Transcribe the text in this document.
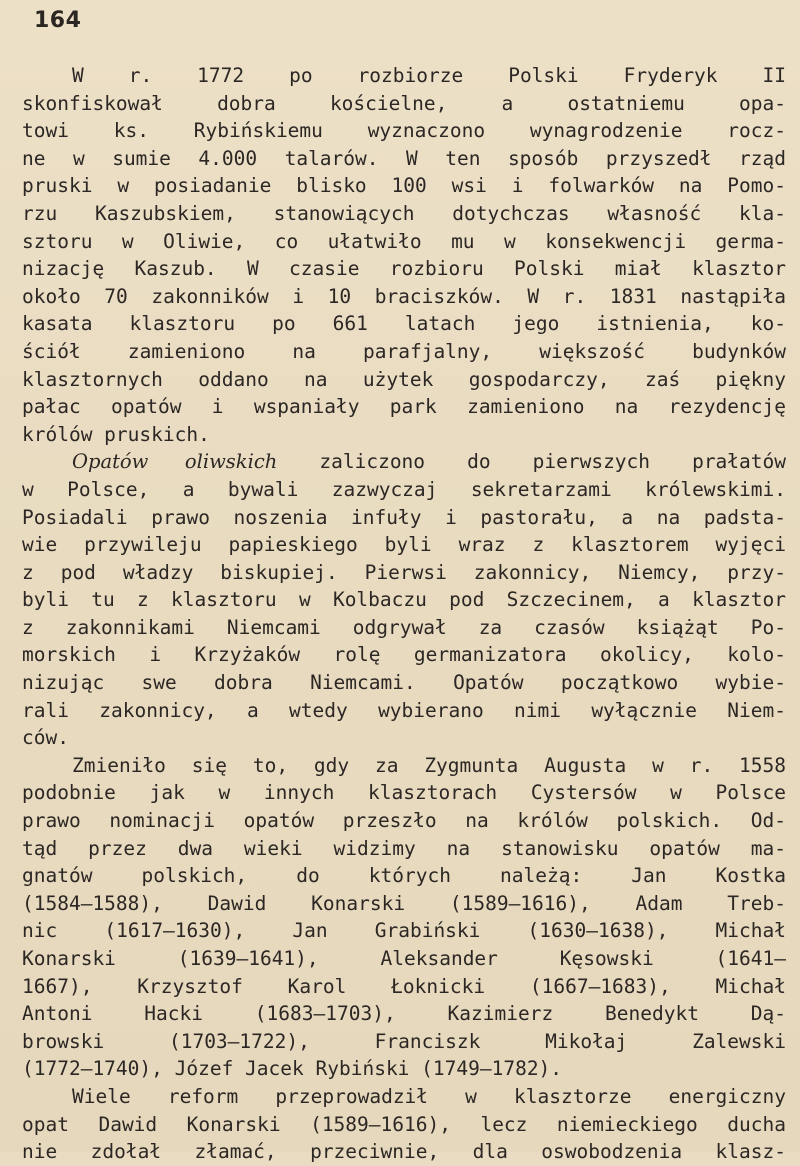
164
W r. 1772 po rozbiorze Polski Fryderyk II
skonfiskował dobra kościelne, a ostatniemu opa-
towi ks. Rybińskiemu wyznaczono wynagrodzenie rocz-
ne w sumie 4.000 talarów. W ten sposób przyszedł rząd
pruski w posiadanie blisko 100 wsi i folwarków na Pomo-
rzu Kaszubskiem, stanowiących dotychczas własność kla-
sztoru w Oliwie, co ułatwiło mu w konsekwencji germa-
nizację Kaszub. W czasie rozbioru Polski miał klasztor
około 70 zakonników i 10 braciszków. W r. 1831 nastąpiła
kasata klasztoru po 661 latach jego istnienia, ko-
ściół zamieniono na parafjalny, większość budynków
klasztornych oddano na użytek gospodarczy, zaś piękny
pałac opatów i wspaniały park zamieniono na rezydencję
królów pruskich.
Opatów oliwskich zaliczono do pierwszych prałatów
w Polsce, a bywali zazwyczaj sekretarzami królewskimi.
Posiadali prawo noszenia infuły i pastorału, a na padsta-
wie przywileju papieskiego byli wraz z klasztorem wyjęci
z pod władzy biskupiej. Pierwsi zakonnicy, Niemcy, przy-
byli tu z klasztoru w Kolbaczu pod Szczecinem, a klasztor
z zakonnikami Niemcami odgrywał za czasów książąt Po-
morskich i Krzyżaków rolę germanizatora okolicy, kolo-
nizując swe dobra Niemcami. Opatów początkowo wybie-
rali zakonnicy, a wtedy wybierano nimi wyłącznie Niem-
ców.
Zmieniło się to, gdy za Zygmunta Augusta w r. 1558
podobnie jak w innych klasztorach Cystersów w Polsce
prawo nominacji opatów przeszło na królów polskich. Od-
tąd przez dwa wieki widzimy na stanowisku opatów ma-
gnatów polskich, do których należą: Jan Kostka
(1584—1588), Dawid Konarski (1589—1616), Adam Treb-
nic (1617—1630), Jan Grabiński (1630—1638), Michał
Konarski (1639—1641), Aleksander Kęsowski (1641—
1667), Krzysztof Karol Łoknicki (1667—1683), Michał
Antoni Hacki (1683—1703), Kazimierz Benedykt Dą-
browski (1703—1722), Franciszk Mikołaj Zalewski
(1772—1740), Józef Jacek Rybiński (1749—1782).
Wiele reform przeprowadził w klasztorze energiczny
opat Dawid Konarski (1589—1616), lecz niemieckiego ducha
nie zdołał złamać, przeciwnie, dla oswobodzenia klasz-
